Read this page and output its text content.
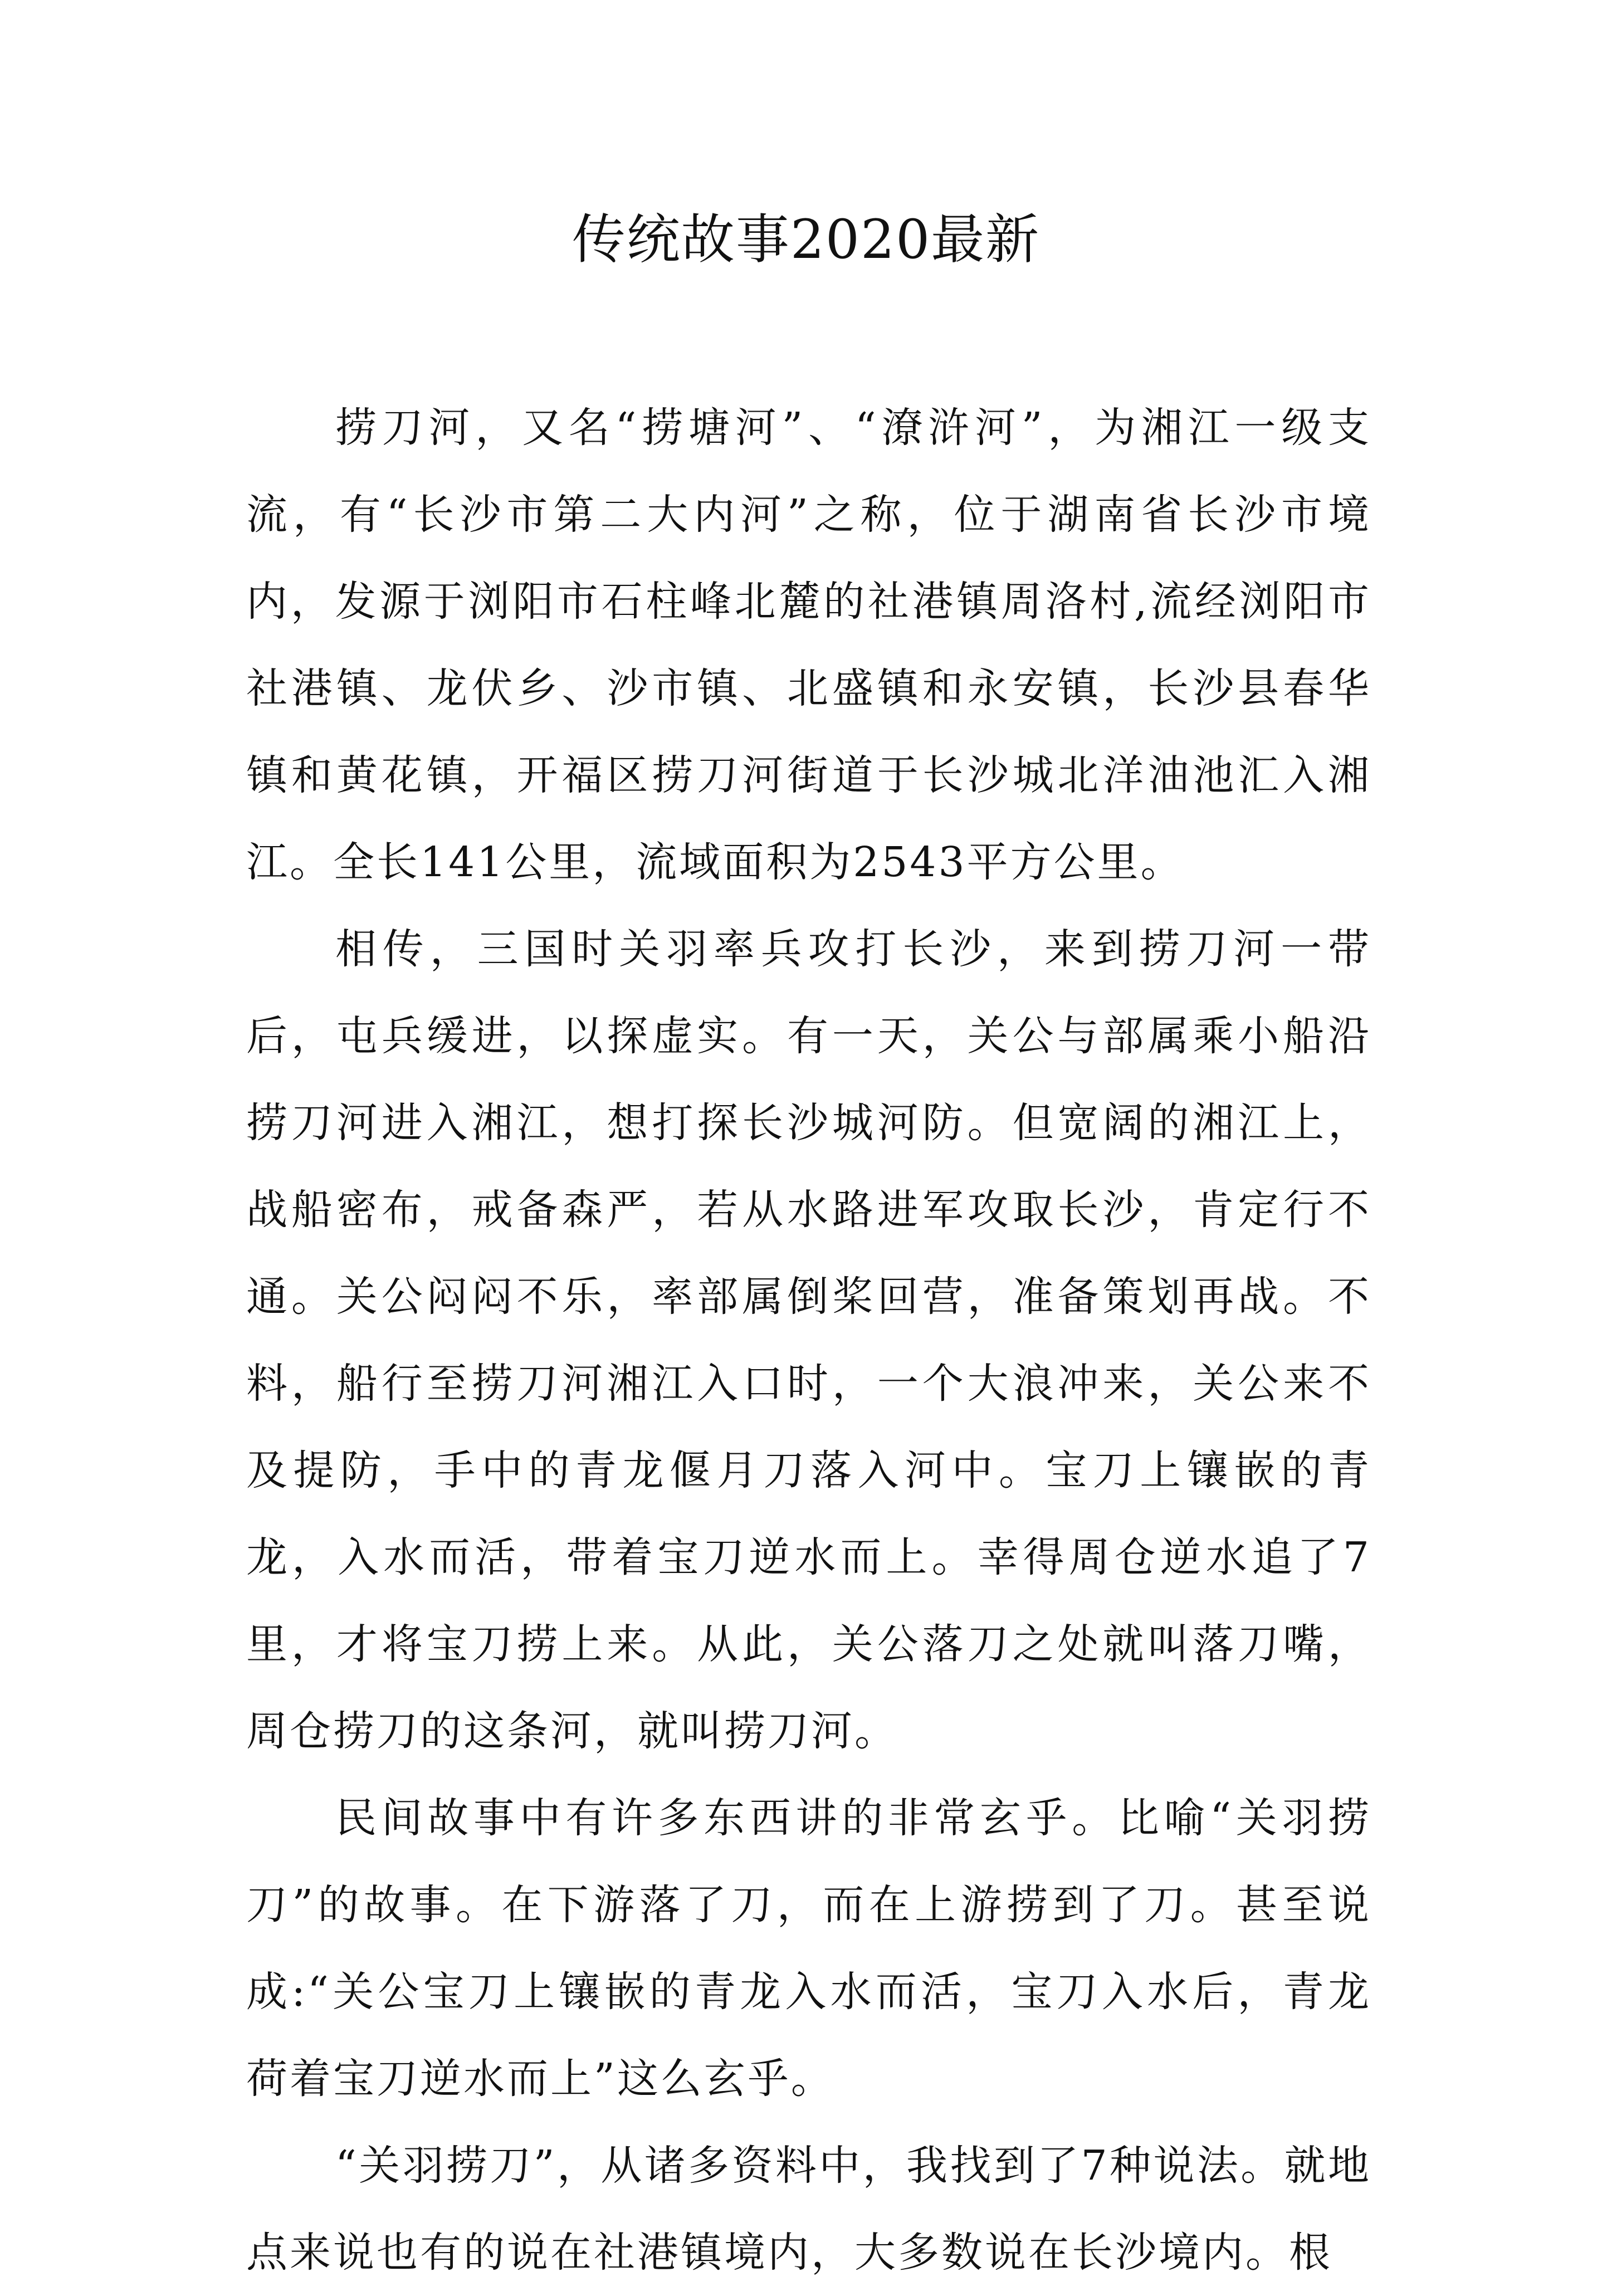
传统故事2020最新

捞刀河，又名“捞塘河”、“潦浒河”，为湘江一级支流，有“长沙市第二大内河”之称，位于湖南省长沙市境内，发源于浏阳市石柱峰北麓的社港镇周洛村,流经浏阳市社港镇、龙伏乡、沙市镇、北盛镇和永安镇，长沙县春华镇和黄花镇，开福区捞刀河街道于长沙城北洋油池汇入湘江。全长141公里，流域面积为2543平方公里。

相传，三国时关羽率兵攻打长沙，来到捞刀河一带后，屯兵缓进，以探虚实。有一天，关公与部属乘小船沿捞刀河进入湘江，想打探长沙城河防。但宽阔的湘江上，战船密布，戒备森严，若从水路进军攻取长沙，肯定行不通。关公闷闷不乐，率部属倒桨回营，准备策划再战。不料，船行至捞刀河湘江入口时，一个大浪冲来，关公来不及提防，手中的青龙偃月刀落入河中。宝刀上镶嵌的青龙，入水而活，带着宝刀逆水而上。幸得周仓逆水追了7里，才将宝刀捞上来。从此，关公落刀之处就叫落刀嘴，周仓捞刀的这条河，就叫捞刀河。

民间故事中有许多东西讲的非常玄乎。比喻“关羽捞刀”的故事。在下游落了刀，而在上游捞到了刀。甚至说成:“关公宝刀上镶嵌的青龙入水而活，宝刀入水后，青龙荷着宝刀逆水而上”这么玄乎。

“关羽捞刀”，从诸多资料中，我找到了7种说法。就地点来说也有的说在社港镇境内，大多数说在长沙境内。根
